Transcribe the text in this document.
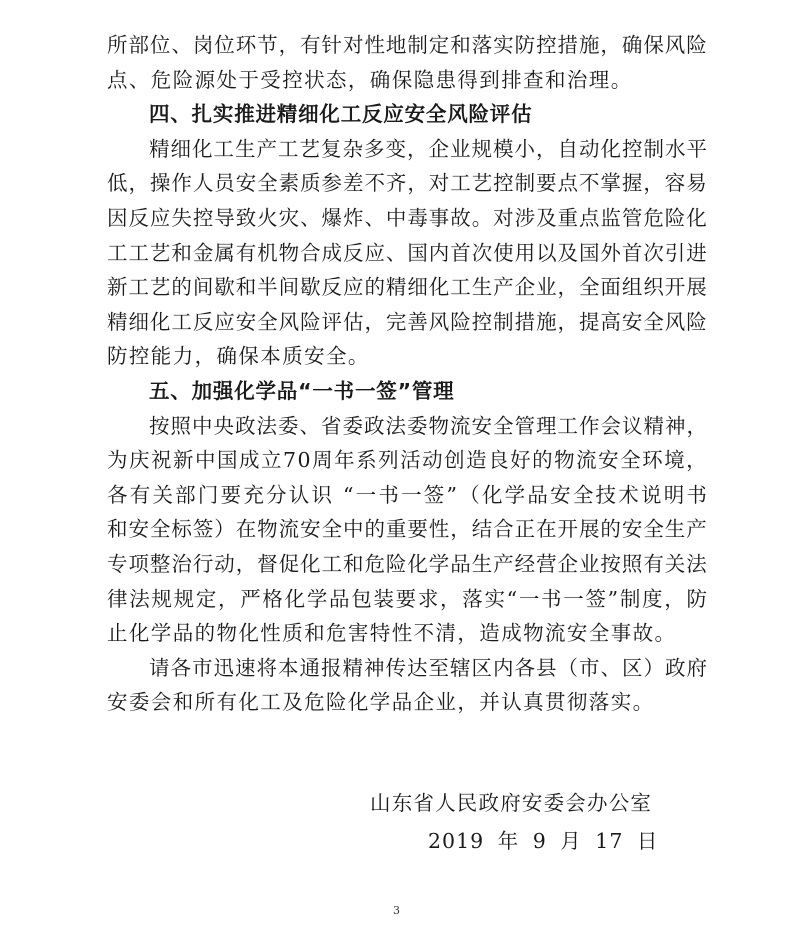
所 部 位 、 岗 位 环 节 ， 有 针 对 性 地 制 定 和 落 实 防 控 措 施 ， 确 保 风 险
点、危险源处于受控状态，确保隐患得到排查和治理。
四、扎实推进精细化工反应安全风险评估
精 细 化 工 生 产 工 艺 复 杂 多 变 ， 企 业 规 模 小 ， 自 动 化 控 制 水 平
低 ， 操 作 人 员 安 全 素 质 参 差 不 齐 ， 对 工 艺 控 制 要 点 不 掌 握 ， 容 易
因 反 应 失 控 导 致 火 灾 、 爆 炸 、 中 毒 事 故 。 对 涉 及 重 点 监 管 危 险 化
工 工 艺 和 金 属 有 机 物 合 成 反 应 、 国 内 首 次 使 用 以 及 国 外 首 次 引 进
新 工 艺 的 间 歇 和 半 间 歇 反 应 的 精 细 化 工 生 产 企 业 ， 全 面 组 织 开 展
精 细 化 工 反 应 安 全 风 险 评 估 ， 完 善 风 险 控 制 措 施 ， 提 高 安 全 风 险
防控能力，确保本质安全。
五、加强化学品“一书一签”管理
按 照 中 央 政 法 委 、 省 委 政 法 委 物 流 安 全 管 理 工 作 会 议 精 神 ，
为 庆 祝 新 中 国 成 立 7 0 周 年 系 列 活 动 创 造 良 好 的 物 流 安 全 环 境 ，
各 有 关 部 门 要 充 分 认 识
“ 一 书 一 签 ” （ 化 学 品 安 全 技 术 说 明 书
和 安 全 标 签 ） 在 物 流 安 全 中 的 重 要 性 ， 结 合 正 在 开 展 的 安 全 生 产
专 项 整 治 行 动 ， 督 促 化 工 和 危 险 化 学 品 生 产 经 营 企 业 按 照 有 关 法
律 法 规 规 定 ， 严 格 化 学 品 包 装 要 求 ， 落 实 “ 一 书 一 签 ” 制 度 ， 防
止化学品的物化性质和危害特性不清，造成物流安全事故。
请 各 市 迅 速 将 本 通 报 精 神 传 达 至 辖 区 内 各 县 （ 市 、 区 ） 政 府
安委会和所有化工及危险化学品企业，并认真贯彻落实。
山东省人民政府安委会办公室
2019 年 9 月 17 日
3
